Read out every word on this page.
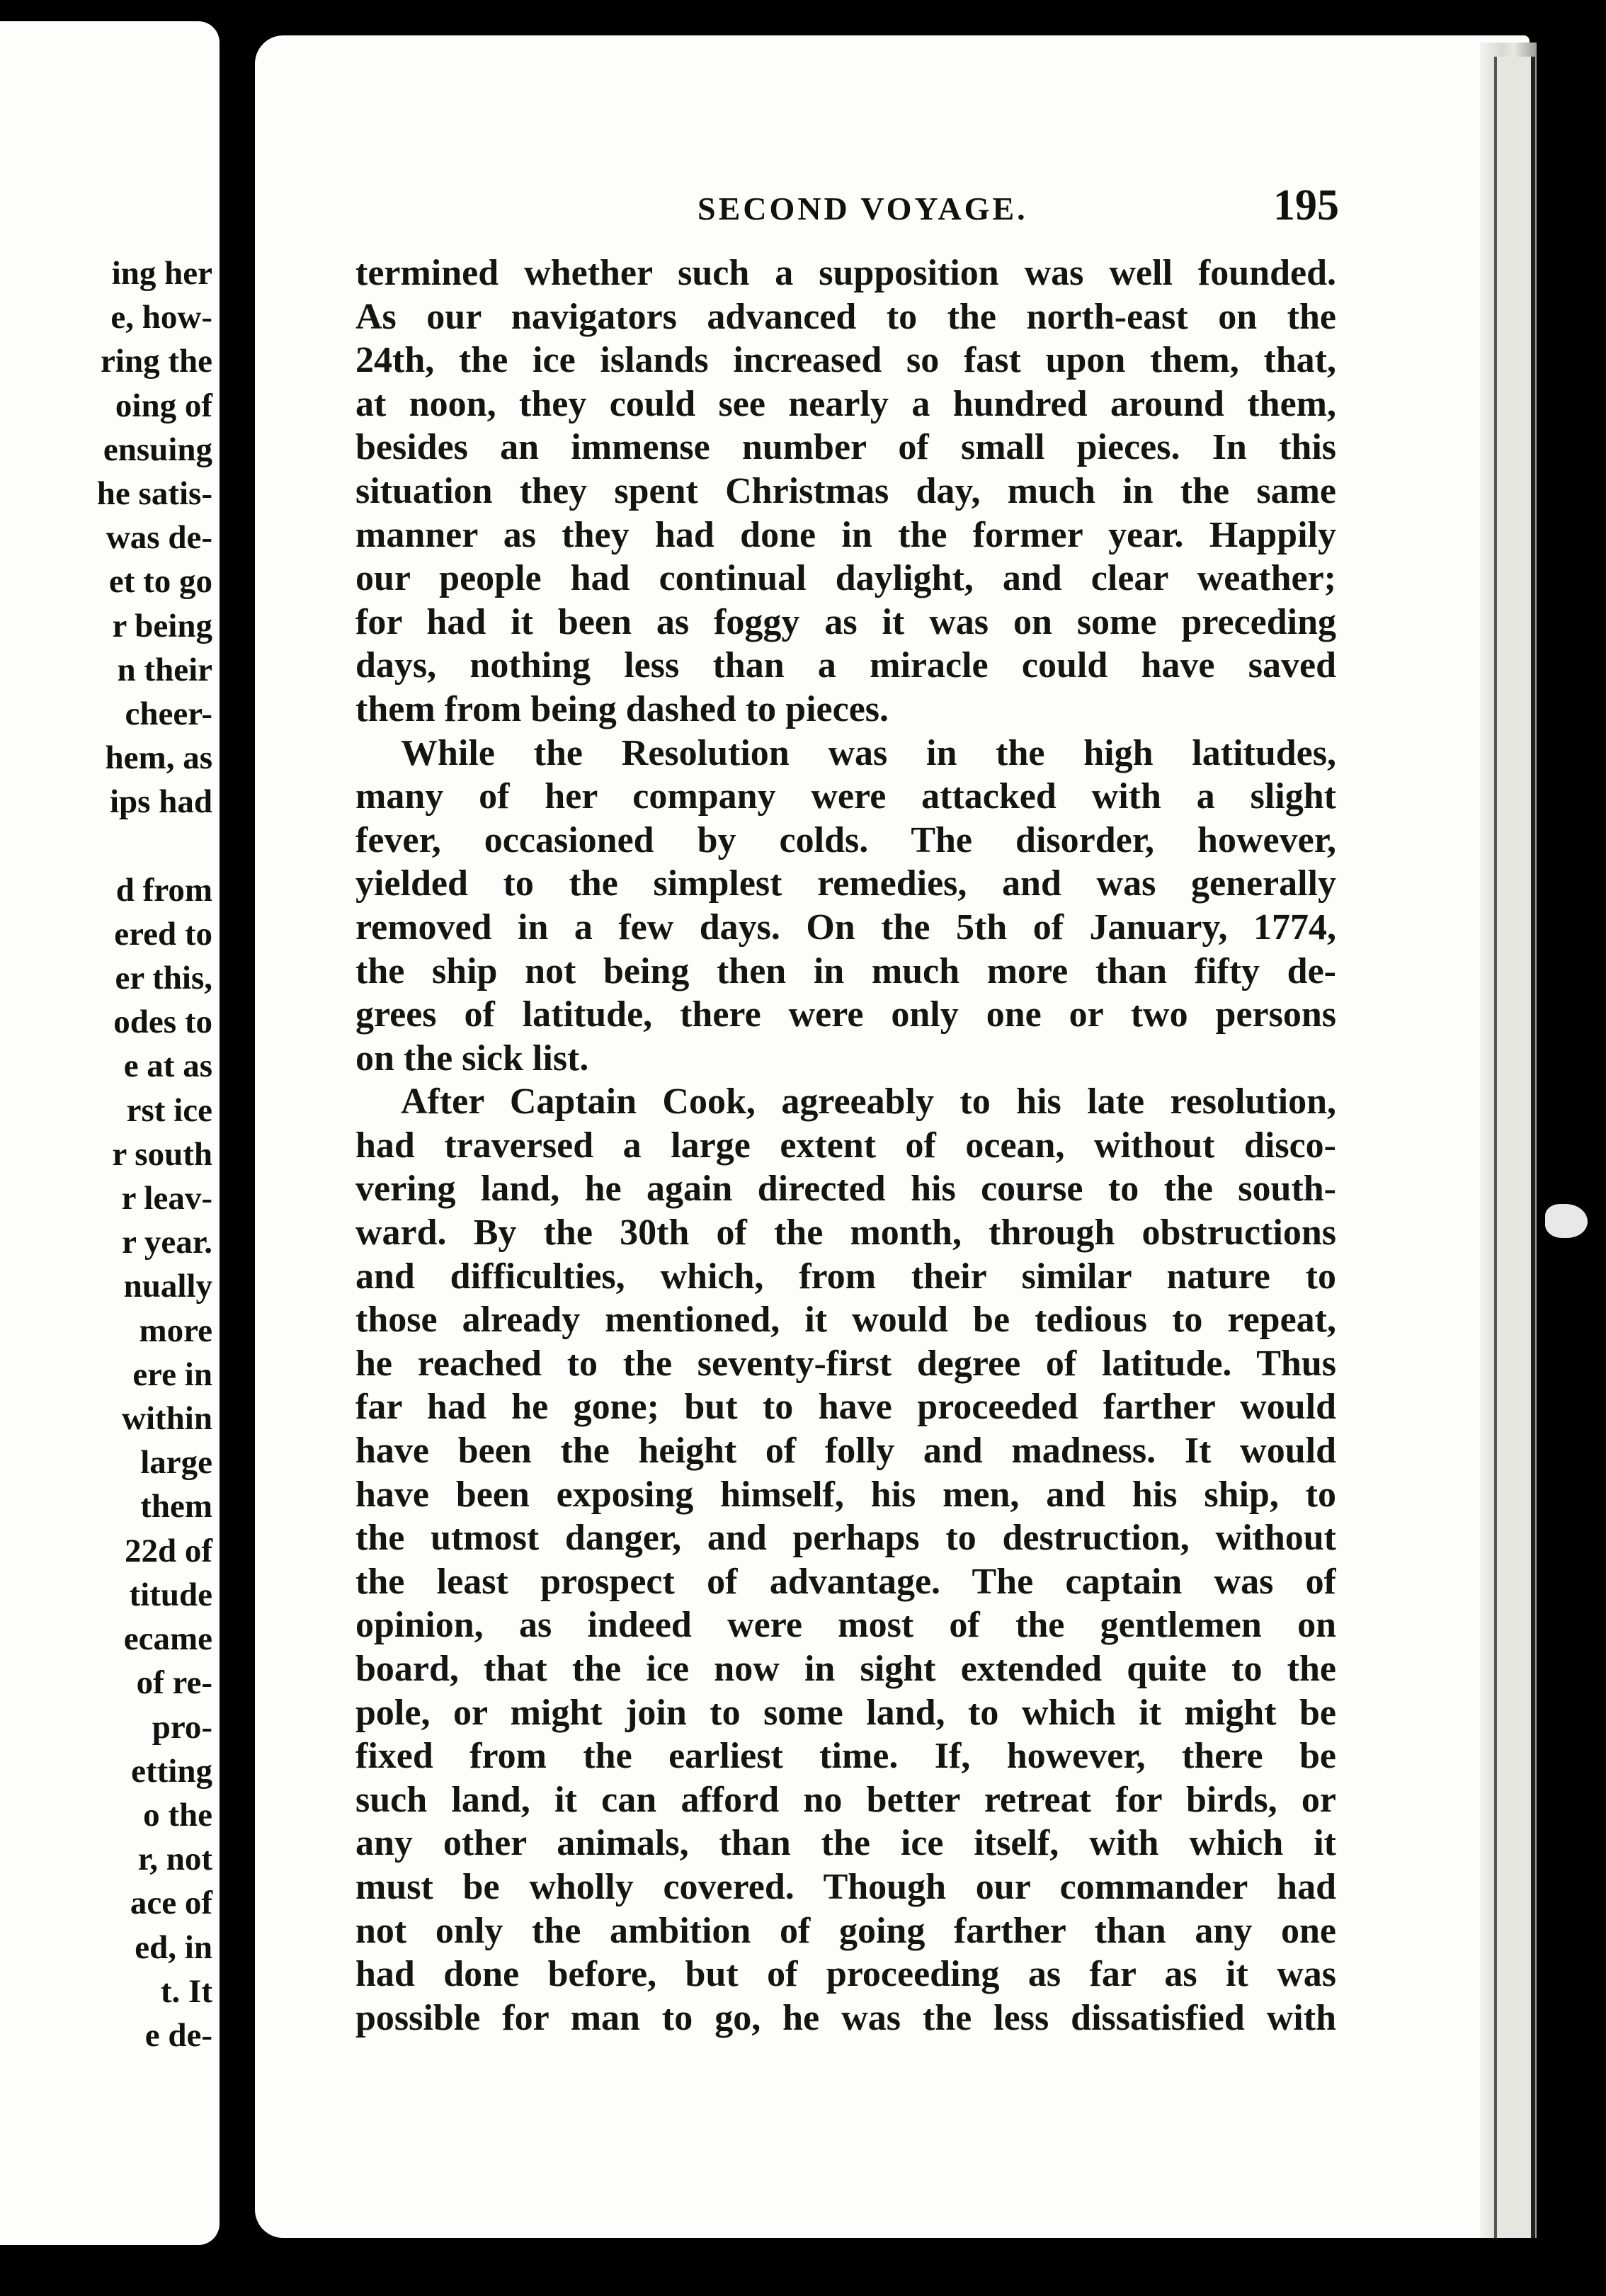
ing her
e, how-
ring the
oing of
ensuing
he satis-
was de-
et to go
r being
n their
cheer-
hem, as
ips had
d from
ered to
er this,
odes to
e at as
rst ice
r south
r leav-
r year.
nually
more
ere in
within
large
them
22d of
titude
ecame
of re-
pro-
etting
o the
r, not
ace of
ed, in
t. It
e de-
SECOND VOYAGE.	195
termined whether such a supposition was well founded.
As our navigators advanced to the north-east on the
24th, the ice islands increased so fast upon them, that,
at noon, they could see nearly a hundred around them,
besides an immense number of small pieces. In this
situation they spent Christmas day, much in the same
manner as they had done in the former year. Happily
our people had continual daylight, and clear weather;
for had it been as foggy as it was on some preceding
days, nothing less than a miracle could have saved
them from being dashed to pieces.
While the Resolution was in the high latitudes,
many of her company were attacked with a slight
fever, occasioned by colds. The disorder, however,
yielded to the simplest remedies, and was generally
removed in a few days. On the 5th of January, 1774,
the ship not being then in much more than fifty de-
grees of latitude, there were only one or two persons
on the sick list.
After Captain Cook, agreeably to his late resolution,
had traversed a large extent of ocean, without disco-
vering land, he again directed his course to the south-
ward. By the 30th of the month, through obstructions
and difficulties, which, from their similar nature to
those already mentioned, it would be tedious to repeat,
he reached to the seventy-first degree of latitude. Thus
far had he gone; but to have proceeded farther would
have been the height of folly and madness. It would
have been exposing himself, his men, and his ship, to
the utmost danger, and perhaps to destruction, without
the least prospect of advantage. The captain was of
opinion, as indeed were most of the gentlemen on
board, that the ice now in sight extended quite to the
pole, or might join to some land, to which it might be
fixed from the earliest time. If, however, there be
such land, it can afford no better retreat for birds, or
any other animals, than the ice itself, with which it
must be wholly covered. Though our commander had
not only the ambition of going farther than any one
had done before, but of proceeding as far as it was
possible for man to go, he was the less dissatisfied with
